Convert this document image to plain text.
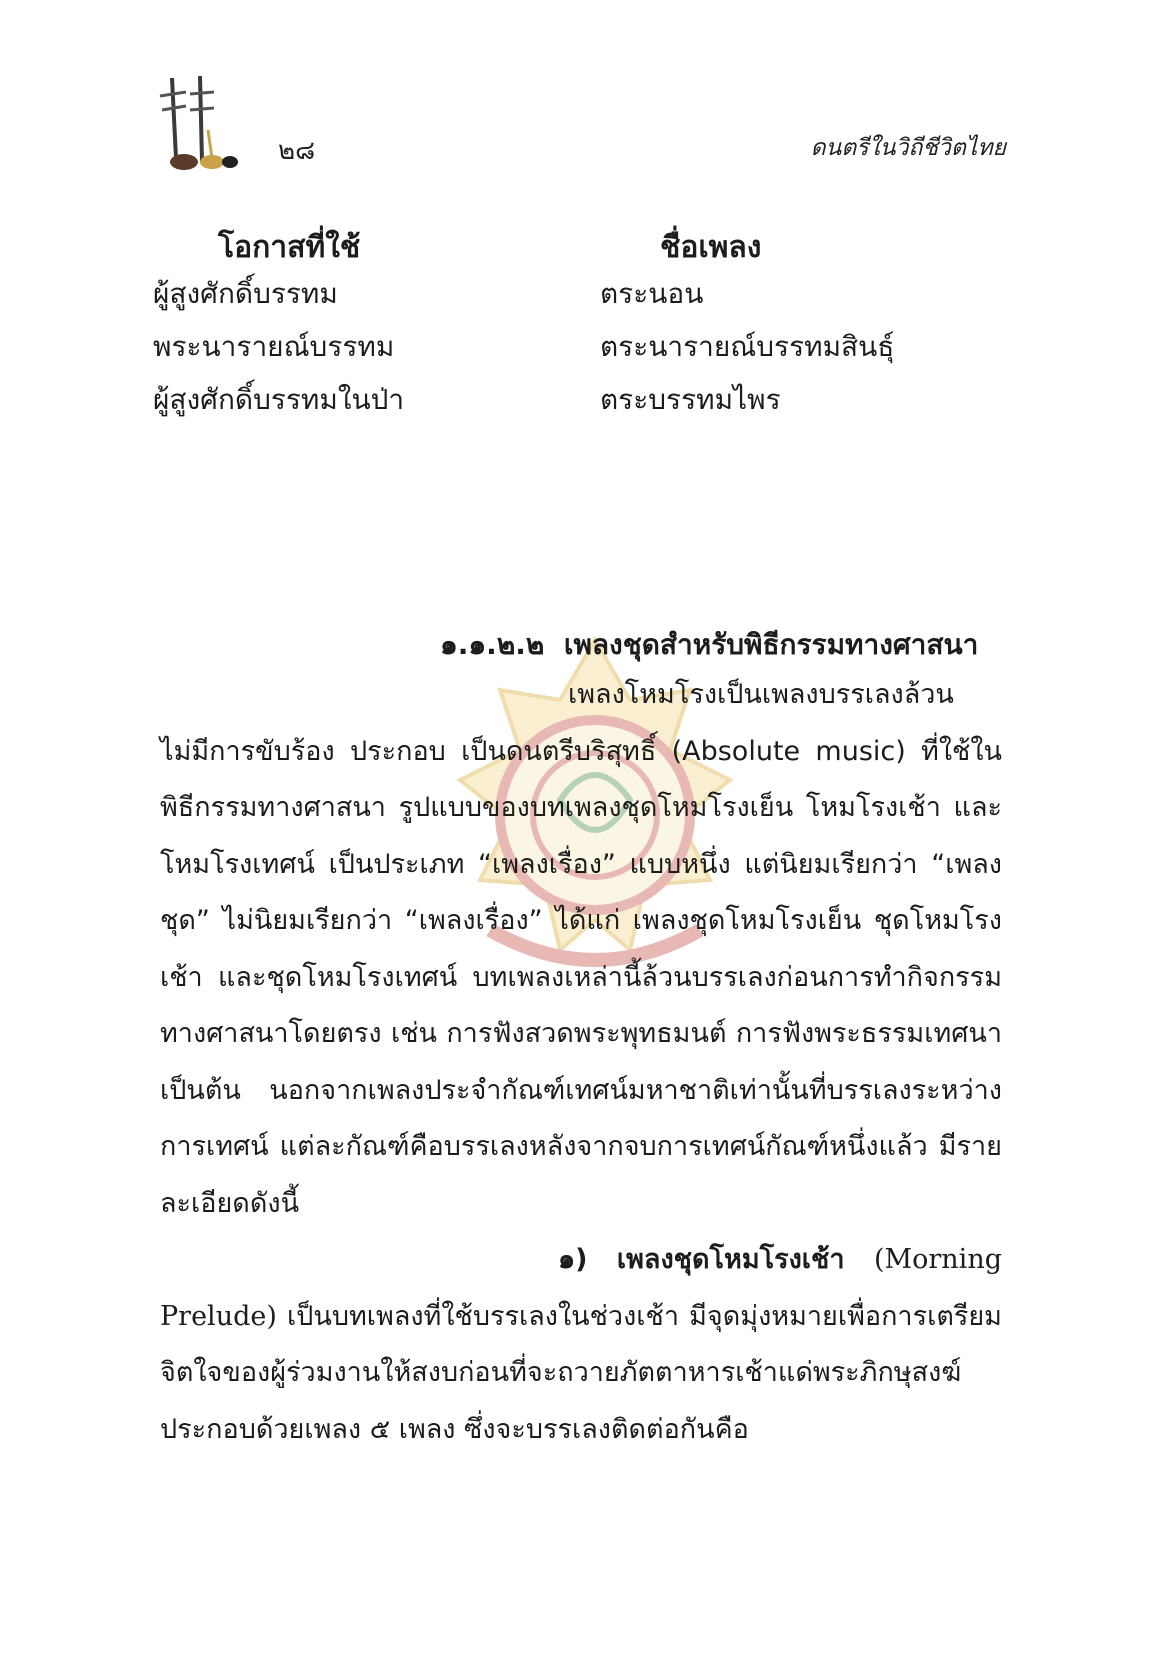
๒๘	ดนตรีในวิถีชีวิตไทย
โอกาสที่ใช้	ชื่อเพลง
ผู้สูงศักดิ์บรรทม	ตระนอน
พระนารายณ์บรรทม	ตระนารายณ์บรรทมสินธุ์
ผู้สูงศักดิ์บรรทมในป่า	ตระบรรทมไพร
๑.๑.๒.๒ เพลงชุดสำหรับพิธีกรรมทางศาสนา
เพลงโหมโรงเป็นเพลงบรรเลงล้วนไม่มีการขับร้อง ประกอบ เป็นดนตรีบริสุทธิ์ (Absolute music) ที่ใช้ในพิธีกรรมทางศาสนา รูปแบบของบทเพลงชุดโหมโรงเย็น โหมโรงเช้า และโหมโรงเทศน์ เป็นประเภท “เพลงเรื่อง” แบบหนึ่ง แต่นิยมเรียกว่า “เพลงชุด” ไม่นิยมเรียกว่า “เพลงเรื่อง” ได้แก่ เพลงชุดโหมโรงเย็น ชุดโหมโรงเช้า และชุดโหมโรงเทศน์ บทเพลงเหล่านี้ล้วนบรรเลงก่อนการทำกิจกรรมทางศาสนาโดยตรง เช่น การฟังสวดพระพุทธมนต์ การฟังพระธรรมเทศนา เป็นต้น นอกจากเพลงประจำกัณฑ์เทศน์มหาชาติเท่านั้นที่บรรเลงระหว่างการเทศน์ แต่ละกัณฑ์คือบรรเลงหลังจากจบการเทศน์กัณฑ์หนึ่งแล้ว มีรายละเอียดดังนี้
๑) เพลงชุดโหมโรงเช้า (Morning Prelude) เป็นบทเพลงที่ใช้บรรเลงในช่วงเช้า มีจุดมุ่งหมายเพื่อการเตรียมจิตใจของผู้ร่วมงานให้สงบก่อนที่จะถวายภัตตาหารเช้าแด่พระภิกษุสงฆ์ ประกอบด้วยเพลง ๕ เพลง ซึ่งจะบรรเลงติดต่อกันคือ
